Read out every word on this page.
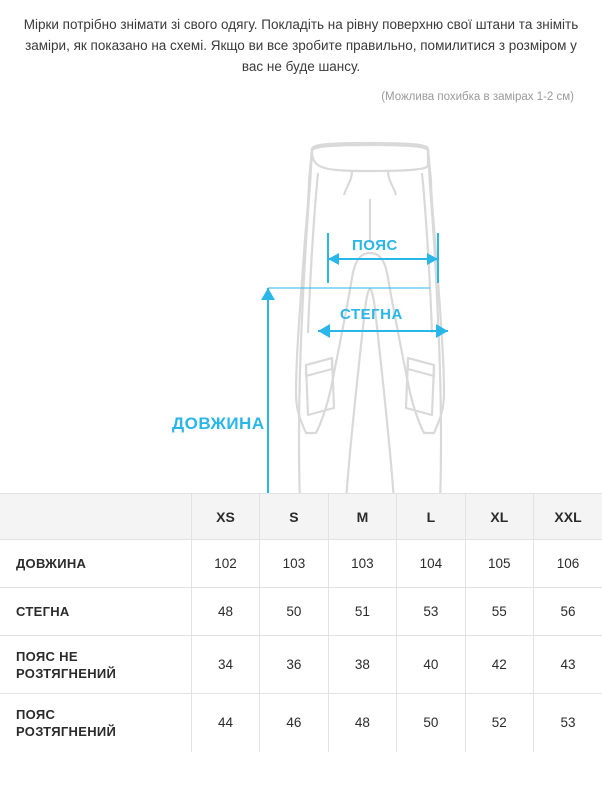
Мірки потрібно знімати зі свого одягу. Покладіть на рівну поверхню свої штани та зніміть заміри, як показано на схемі. Якщо ви все зробите правильно, помилитися з розміром у вас не буде шансу.

(Можлива похибка в замірах 1-2 см)
ПОЯС
СТЕГНА
ДОВЖИНА
	XS	S	M	L	XL	XXL
ДОВЖИНА	102	103	103	104	105	106
СТЕГНА	48	50	51	53	55	56
ПОЯС НЕ
РОЗТЯГНЕНИЙ	34	36	38	40	42	43
ПОЯС
РОЗТЯГНЕНИЙ	44	46	48	50	52	53
